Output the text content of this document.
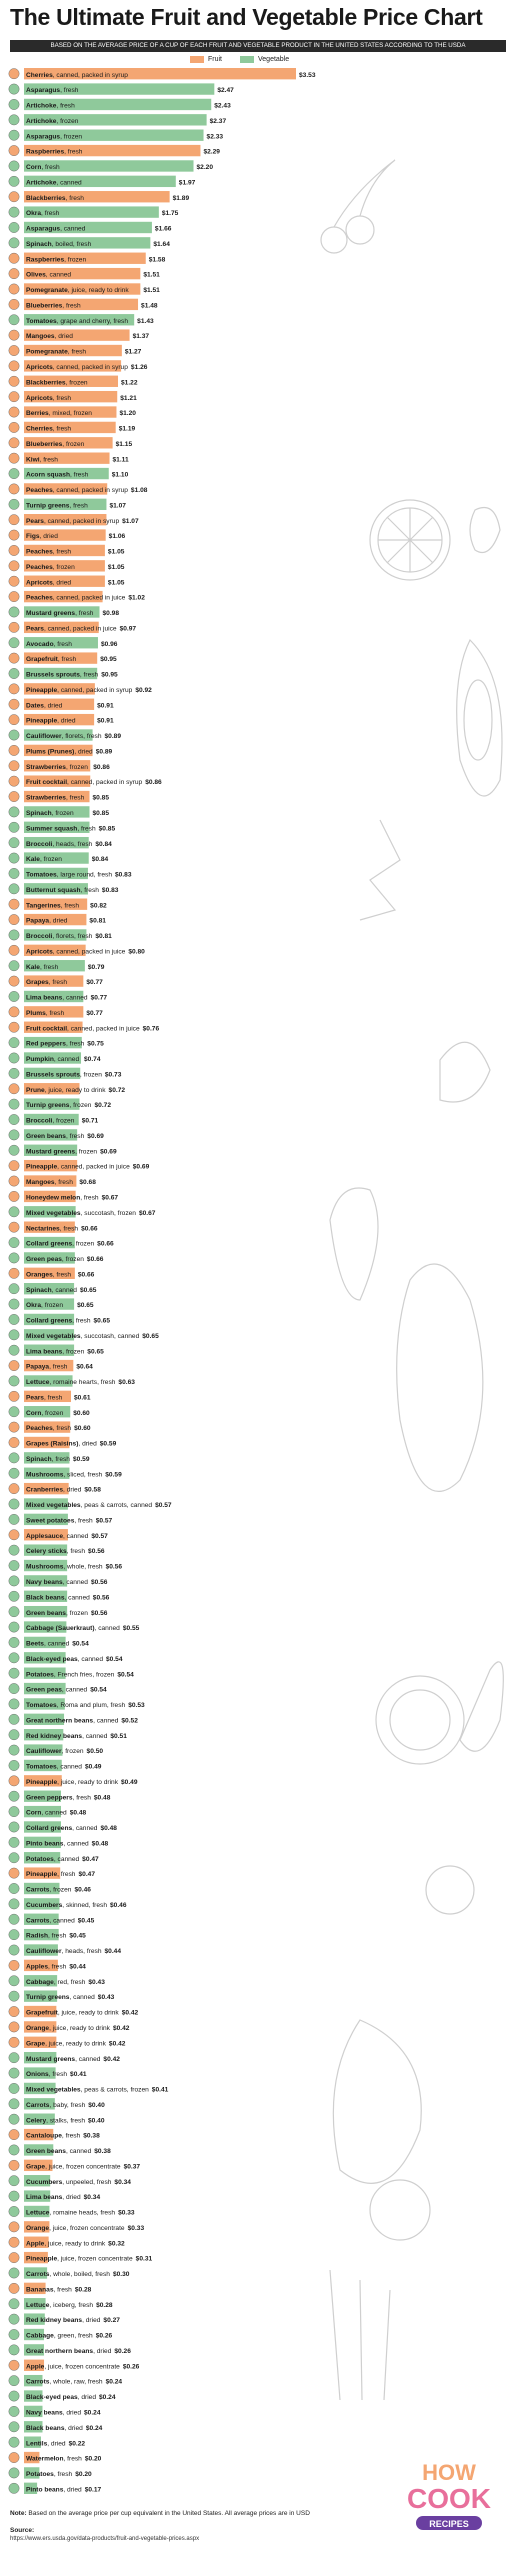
The Ultimate Fruit and Vegetable Price Chart
BASED ON THE AVERAGE PRICE OF A CUP OF EACH FRUIT AND VEGETABLE PRODUCT IN THE UNITED STATES ACCORDING TO THE USDA
Fruit	Vegetable
Cherries, canned, packed in syrup	$3.53
Asparagus, fresh	$2.47
Artichoke, fresh	$2.43
Artichoke, frozen	$2.37
Asparagus, frozen	$2.33
Raspberries, fresh	$2.29
Corn, fresh	$2.20
Artichoke, canned	$1.97
Blackberries, fresh	$1.89
Okra, fresh	$1.75
Asparagus, canned	$1.66
Spinach, boiled, fresh	$1.64
Raspberries, frozen	$1.58
Olives, canned	$1.51
Pomegranate, juice, ready to drink $1.51
Blueberries, fresh	$1.48
Tomatoes, grape and cherry, fresh $1.43
Mangoes, dried	$1.37
Pomegranate, fresh	$1.27
Apricots, canned, packed in syrup $1.26
Blackberries, frozen	$1.22
Apricots, fresh	$1.21
Berries, mixed, frozen	$1.20
Cherries, fresh	$1.19
Blueberries, frozen	$1.15
Kiwi, fresh	$1.11
Acorn squash, fresh	$1.10
Peaches, canned, packed in syrup $1.08
Turnip greens, fresh	$1.07
Pears, canned, packed in syrup $1.07
Figs, dried	$1.06
Peaches, fresh	$1.05
Peaches, frozen	$1.05
Apricots, dried	$1.05
Peaches, canned, packed in juice $1.02
Mustard greens, fresh $0.98
Pears, canned, packed in juice $0.97
Avocado, fresh	$0.96
Grapefruit, fresh	$0.95
Brussels sprouts, fresh $0.95
Pineapple, canned, packed in syrup $0.92
Dates, dried	$0.91
Pineapple, dried	$0.91
Cauliflower, florets, fresh $0.89
Plums (Prunes), dried $0.89
Strawberries, frozen $0.86
Fruit cocktail, canned, packed in syrup $0.86
Strawberries, fresh $0.85
Spinach, frozen	$0.85
Summer squash, fresh $0.85
Broccoli, heads, fresh $0.84
Kale, frozen	$0.84
Tomatoes, large round, fresh $0.83
Butternut squash, fresh $0.83
Tangerines, fresh $0.82
Papaya, dried	$0.81
Broccoli, florets, fresh $0.81
Apricots, canned, packed in juice $0.80
Kale, fresh	$0.79
Grapes, fresh	$0.77
Lima beans, canned $0.77
Plums, fresh	$0.77
Fruit cocktail, canned, packed in juice $0.76
Red peppers, fresh $0.75
Pumpkin, canned $0.74
Brussels sprouts, frozen $0.73
Prune, juice, ready to drink $0.72
Turnip greens, frozen $0.72
Broccoli, frozen $0.71
Green beans, fresh $0.69
Mustard greens, frozen $0.69
Pineapple, canned, packed in juice $0.69
Mangoes, fresh $0.68
Honeydew melon, fresh $0.67
Mixed vegetables, succotash, frozen $0.67
Nectarines, fresh $0.66
Collard greens, frozen $0.66
Green peas, frozen $0.66
Oranges, fresh $0.66
Spinach, canned $0.65
Okra, frozen $0.65
Collard greens, fresh $0.65
Mixed vegetables, succotash, canned $0.65
Lima beans, frozen $0.65
Papaya, fresh $0.64
Lettuce, romaine hearts, fresh $0.63
Pears, fresh $0.61
Corn, frozen $0.60
Peaches, fresh $0.60
Grapes (Raisins), dried $0.59
Spinach, fresh $0.59
Mushrooms, sliced, fresh $0.59
Cranberries, dried $0.58
Mixed vegetables, peas & carrots, canned $0.57
Sweet potatoes, fresh $0.57
Applesauce, canned $0.57
Celery sticks, fresh $0.56
Mushrooms, whole, fresh $0.56
Navy beans, canned $0.56
Black beans, canned $0.56
Green beans, frozen $0.56
Cabbage (Sauerkraut), canned $0.55
Beets, canned $0.54
Black-eyed peas, canned $0.54
Potatoes, French fries, frozen $0.54
Green peas, canned $0.54
Tomatoes, Roma and plum, fresh $0.53
Great northern beans, canned $0.52
Red kidney beans, canned $0.51
Cauliflower, frozen $0.50
Tomatoes, canned $0.49
Pineapple, juice, ready to drink $0.49
Green peppers, fresh $0.48
Corn, canned $0.48
Collard greens, canned $0.48
Pinto beans, canned $0.48
Potatoes, canned $0.47
Pineapple, fresh $0.47
Carrots, frozen $0.46
Cucumbers, skinned, fresh $0.46
Carrots, canned $0.45
Radish, fresh $0.45
Cauliflower, heads, fresh $0.44
Apples, fresh $0.44
Cabbage, red, fresh $0.43
Turnip greens, canned $0.43
Grapefruit, juice, ready to drink $0.42
Orange, juice, ready to drink $0.42
Grape, juice, ready to drink $0.42
Mustard greens, canned $0.42
Onions, fresh $0.41
Mixed vegetables, peas & carrots, frozen $0.41
Carrots, baby, fresh $0.40
Celery, stalks, fresh $0.40
Cantaloupe, fresh $0.38
Green beans, canned $0.38
Grape, juice, frozen concentrate $0.37
Cucumbers, unpeeled, fresh $0.34
Lima beans, dried $0.34
Lettuce, romaine heads, fresh $0.33
Orange, juice, frozen concentrate $0.33
Apple, juice, ready to drink $0.32
Pineapple, juice, frozen concentrate $0.31
Carrots, whole, boiled, fresh $0.30
Bananas, fresh $0.28
Lettuce, iceberg, fresh $0.28
Red kidney beans, dried $0.27
Cabbage, green, fresh $0.26
Great northern beans, dried $0.26
Apple, juice, frozen concentrate $0.26
Carrots, whole, raw, fresh $0.24
Black-eyed peas, dried $0.24
Navy beans, dried $0.24
Black beans, dried $0.24
Lentils, dried $0.22
Watermelon, fresh $0.20
Potatoes, fresh $0.20
Pinto beans, dried $0.17
Note: Based on the average price per cup equivalent in the United States. All average prices are in USD
Source:
https://www.ers.usda.gov/data-products/fruit-and-vegetable-prices.aspx
HOW
COOK
RECIPES
